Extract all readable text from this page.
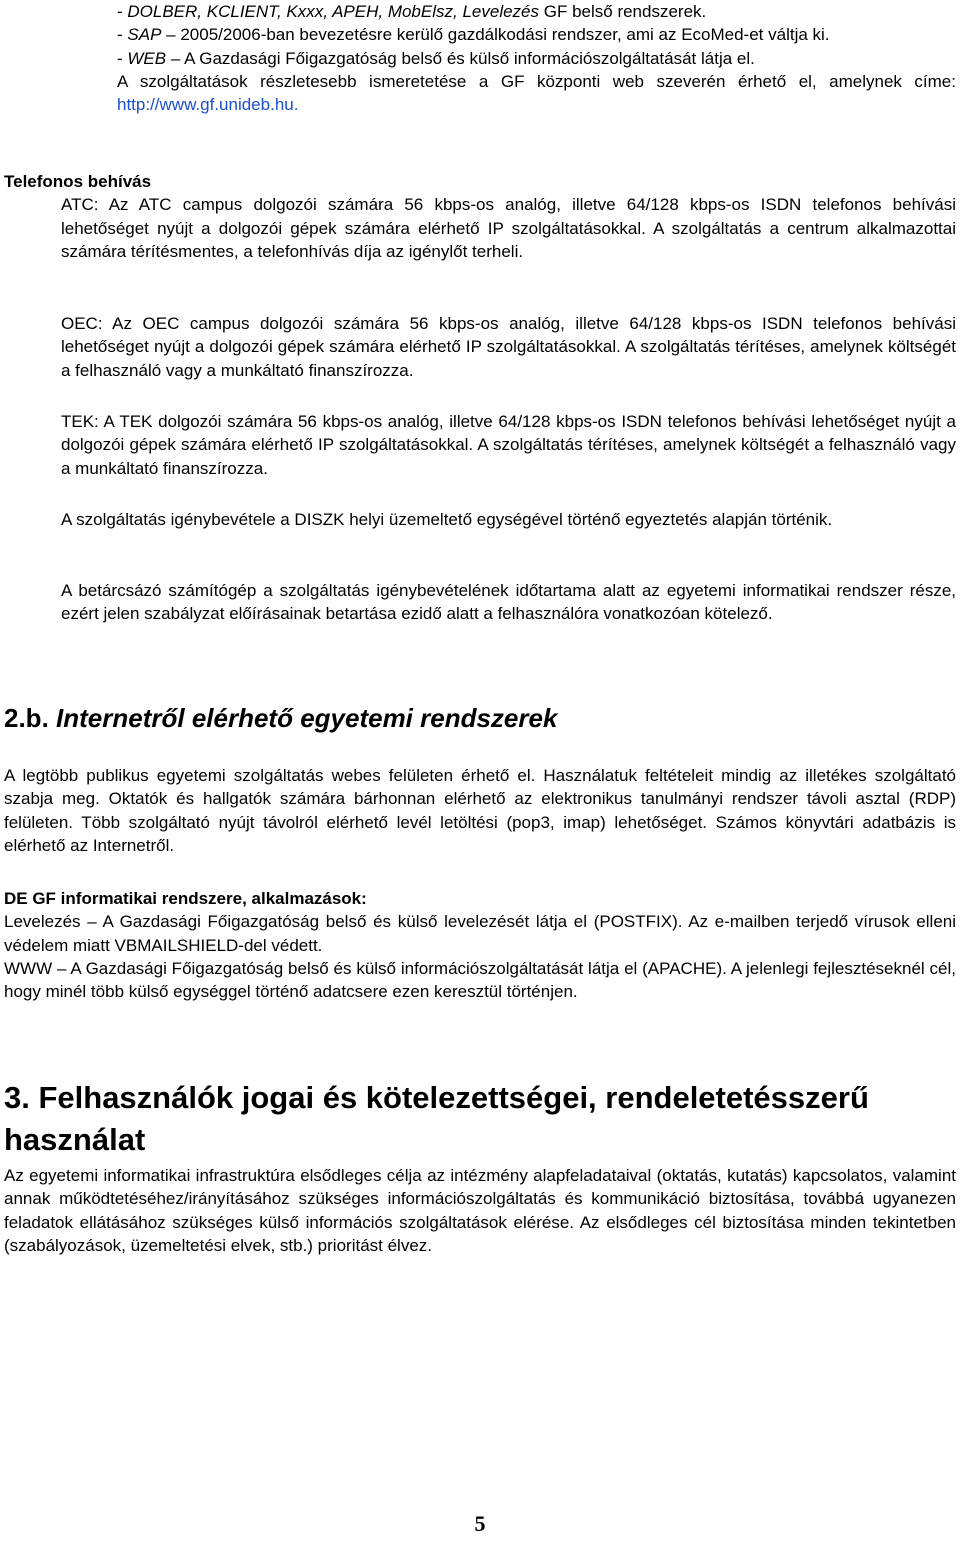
- DOLBER, KCLIENT, Kxxx, APEH, MobElsz, Levelezés GF belső rendszerek.

- SAP – 2005/2006-ban bevezetésre kerülő gazdálkodási rendszer, ami az EcoMed-et váltja ki.

- WEB – A Gazdasági Főigazgatóság belső és külső információszolgáltatását látja el.

A szolgáltatások részletesebb ismeretetése a GF központi web szeverén érhető el, amelynek címe: http://www.gf.unideb.hu.

Telefonos behívás

ATC: Az ATC campus dolgozói számára 56 kbps-os analóg, illetve 64/128 kbps-os ISDN telefonos behívási lehetőséget nyújt a dolgozói gépek számára elérhető IP szolgáltatásokkal. A szolgáltatás a centrum alkalmazottai számára térítésmentes, a telefonhívás díja az igénylőt terheli.

OEC: Az OEC campus dolgozói számára 56 kbps-os analóg, illetve 64/128 kbps-os ISDN telefonos behívási lehetőséget nyújt a dolgozói gépek számára elérhető IP szolgáltatásokkal. A szolgáltatás térítéses, amelynek költségét a felhasználó vagy a munkáltató finanszírozza.

TEK: A TEK dolgozói számára 56 kbps-os analóg, illetve 64/128 kbps-os ISDN telefonos behívási lehetőséget nyújt a dolgozói gépek számára elérhető IP szolgáltatásokkal. A szolgáltatás térítéses, amelynek költségét a felhasználó vagy a munkáltató finanszírozza.

A szolgáltatás igénybevétele a DISZK helyi üzemeltető egységével történő egyeztetés alapján történik.

A betárcsázó számítógép a szolgáltatás igénybevételének időtartama alatt az egyetemi informatikai rendszer része, ezért jelen szabályzat előírásainak betartása ezidő alatt a felhasználóra vonatkozóan kötelező.

2.b. Internetről elérhető egyetemi rendszerek

A legtöbb publikus egyetemi szolgáltatás webes felületen érhető el. Használatuk feltételeit mindig az illetékes szolgáltató szabja meg. Oktatók és hallgatók számára bárhonnan elérhető az elektronikus tanulmányi rendszer távoli asztal (RDP) felületen. Több szolgáltató nyújt távolról elérhető levél letöltési (pop3, imap) lehetőséget. Számos könyvtári adatbázis is elérhető az Internetről.

DE GF informatikai rendszere, alkalmazások:

Levelezés – A Gazdasági Főigazgatóság belső és külső levelezését látja el (POSTFIX). Az e-mailben terjedő vírusok elleni védelem miatt VBMAILSHIELD-del védett.

WWW – A Gazdasági Főigazgatóság belső és külső információszolgáltatását látja el (APACHE). A jelenlegi fejlesztéseknél cél, hogy minél több külső egységgel történő adatcsere ezen keresztül történjen.

3. Felhasználók jogai és kötelezettségei, rendeletetésszerű használat

Az egyetemi informatikai infrastruktúra elsődleges célja az intézmény alapfeladataival (oktatás, kutatás) kapcsolatos, valamint annak működtetéséhez/irányításához szükséges információszolgáltatás és kommunikáció biztosítása, továbbá ugyanezen feladatok ellátásához szükséges külső információs szolgáltatások elérése. Az elsődleges cél biztosítása minden tekintetben (szabályozások, üzemeltetési elvek, stb.) prioritást élvez.

5
